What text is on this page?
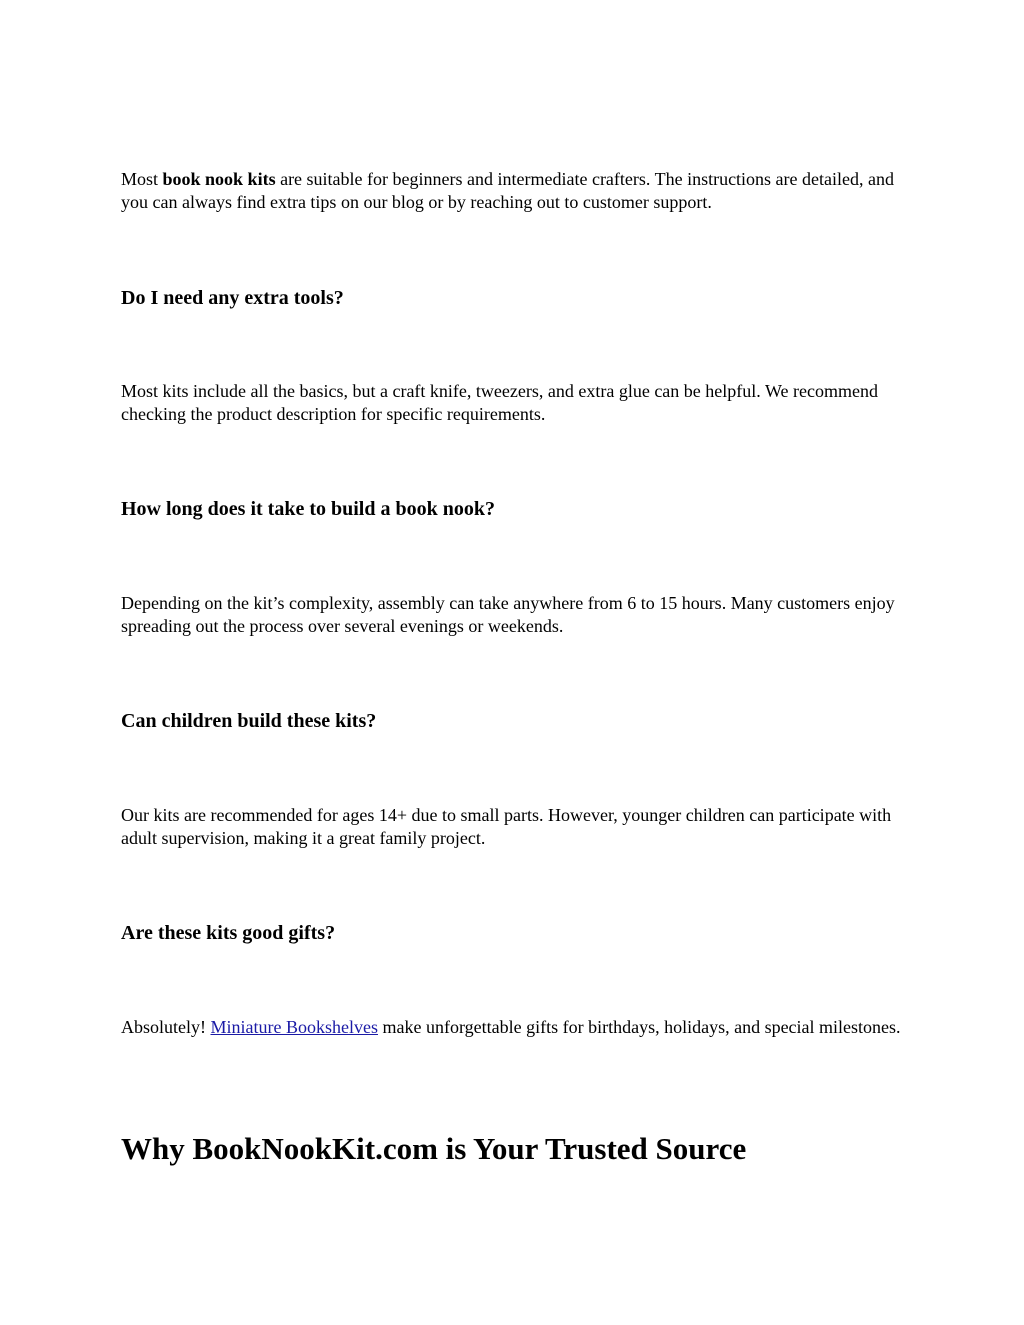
Most book nook kits are suitable for beginners and intermediate crafters. The instructions are detailed, and you can always find extra tips on our blog or by reaching out to customer support.

Do I need any extra tools?

Most kits include all the basics, but a craft knife, tweezers, and extra glue can be helpful. We recommend checking the product description for specific requirements.

How long does it take to build a book nook?

Depending on the kit’s complexity, assembly can take anywhere from 6 to 15 hours. Many customers enjoy spreading out the process over several evenings or weekends.

Can children build these kits?

Our kits are recommended for ages 14+ due to small parts. However, younger children can participate with adult supervision, making it a great family project.

Are these kits good gifts?

Absolutely! Miniature Bookshelves make unforgettable gifts for birthdays, holidays, and special milestones.

Why BookNookKit.com is Your Trusted Source
